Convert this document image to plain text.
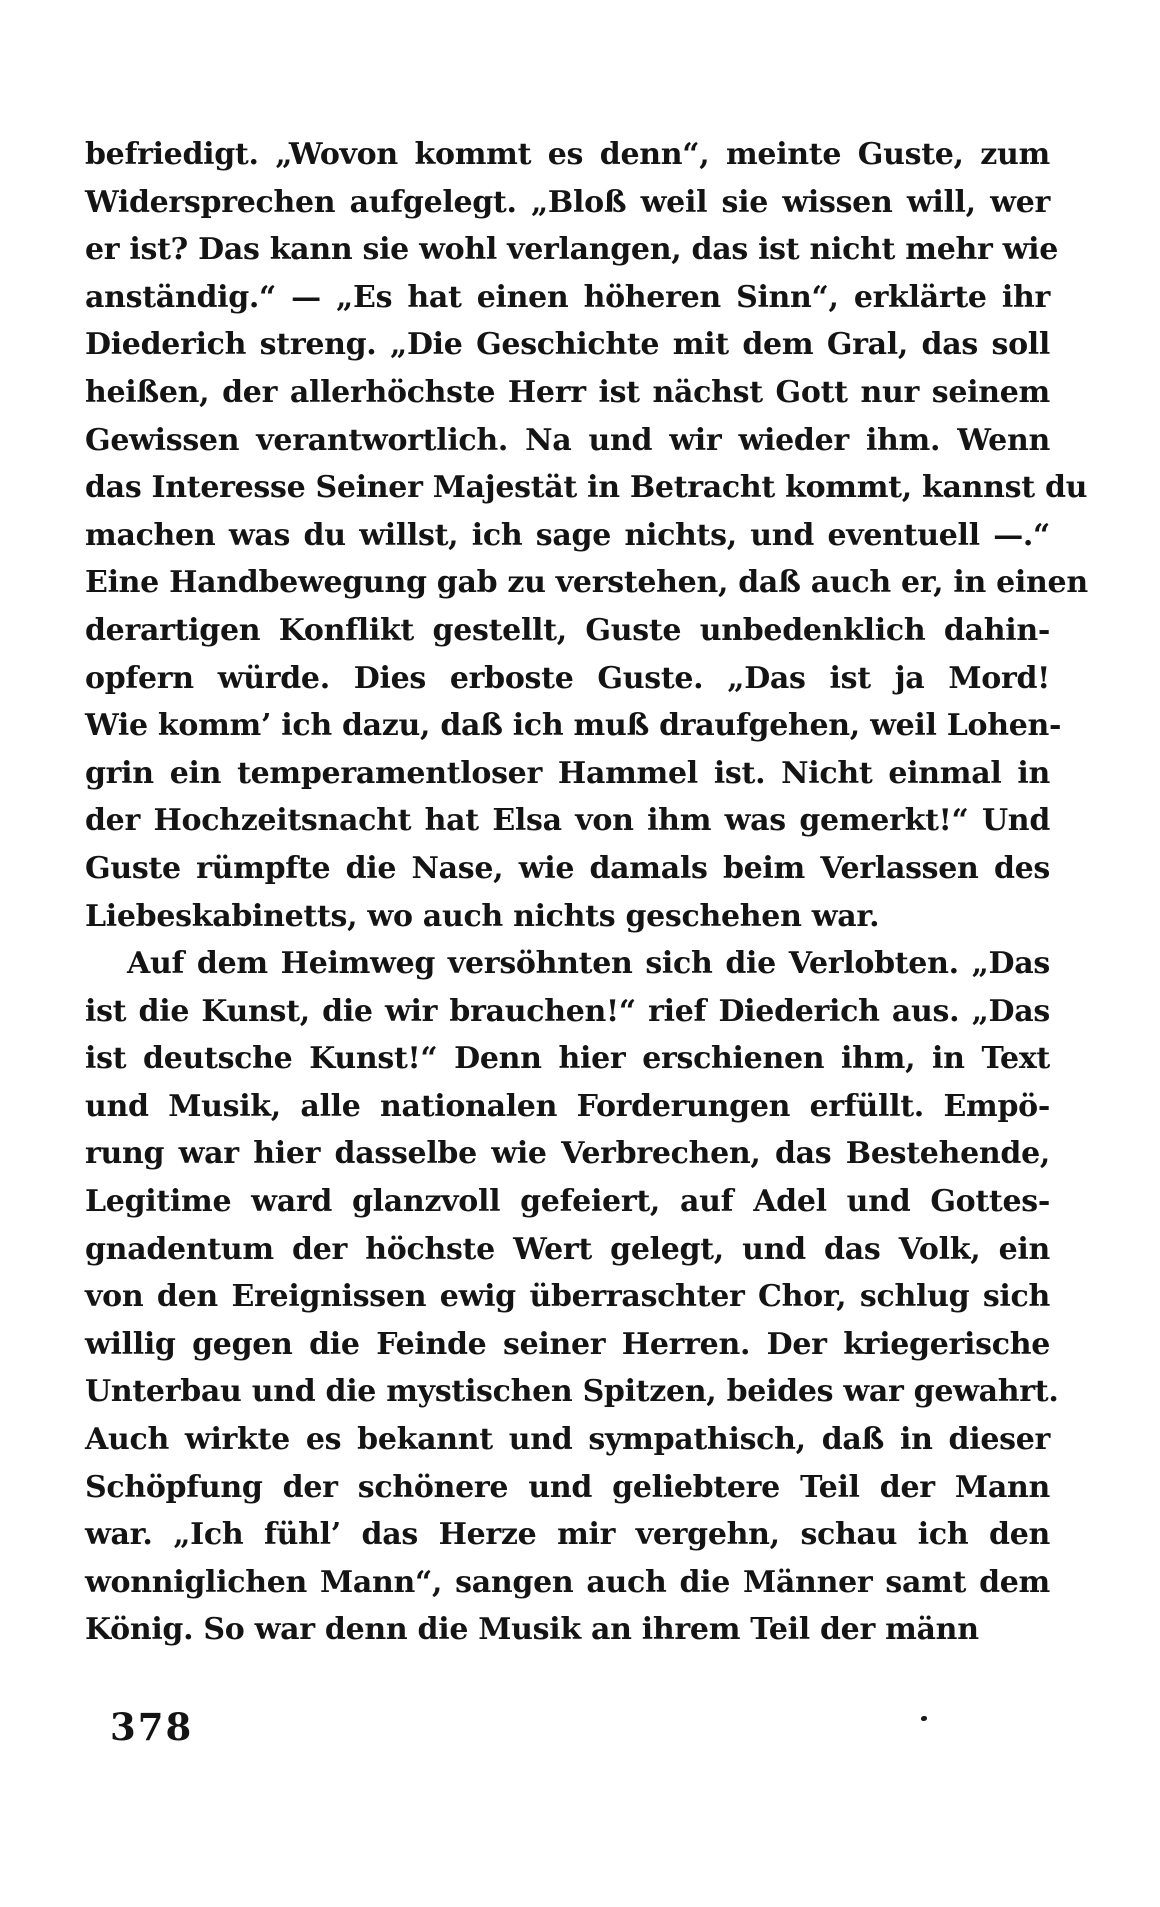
befriedigt. „Wovon kommt es denn“, meinte Guste, zum
Widersprechen aufgelegt. „Bloß weil sie wissen will, wer
er ist? Das kann sie wohl verlangen, das ist nicht mehr wie
anständig.“ — „Es hat einen höheren Sinn“, erklärte ihr
Diederich streng. „Die Geschichte mit dem Gral, das soll
heißen, der allerhöchste Herr ist nächst Gott nur seinem
Gewissen verantwortlich. Na und wir wieder ihm. Wenn
das Interesse Seiner Majestät in Betracht kommt, kannst du
machen was du willst, ich sage nichts, und eventuell —.“
Eine Handbewegung gab zu verstehen, daß auch er, in einen
derartigen Konflikt gestellt, Guste unbedenklich dahin-
opfern würde. Dies erboste Guste. „Das ist ja Mord!
Wie komm’ ich dazu, daß ich muß draufgehen, weil Lohen-
grin ein temperamentloser Hammel ist. Nicht einmal in
der Hochzeitsnacht hat Elsa von ihm was gemerkt!“ Und
Guste rümpfte die Nase, wie damals beim Verlassen des
Liebeskabinetts, wo auch nichts geschehen war.
Auf dem Heimweg versöhnten sich die Verlobten. „Das
ist die Kunst, die wir brauchen!“ rief Diederich aus. „Das
ist deutsche Kunst!“ Denn hier erschienen ihm, in Text
und Musik, alle nationalen Forderungen erfüllt. Empö-
rung war hier dasselbe wie Verbrechen, das Bestehende,
Legitime ward glanzvoll gefeiert, auf Adel und Gottes-
gnadentum der höchste Wert gelegt, und das Volk, ein
von den Ereignissen ewig überraschter Chor, schlug sich
willig gegen die Feinde seiner Herren. Der kriegerische
Unterbau und die mystischen Spitzen, beides war gewahrt.
Auch wirkte es bekannt und sympathisch, daß in dieser
Schöpfung der schönere und geliebtere Teil der Mann
war. „Ich fühl’ das Herze mir vergehn, schau ich den
wonniglichen Mann“, sangen auch die Männer samt dem
König. So war denn die Musik an ihrem Teil der männ
378
